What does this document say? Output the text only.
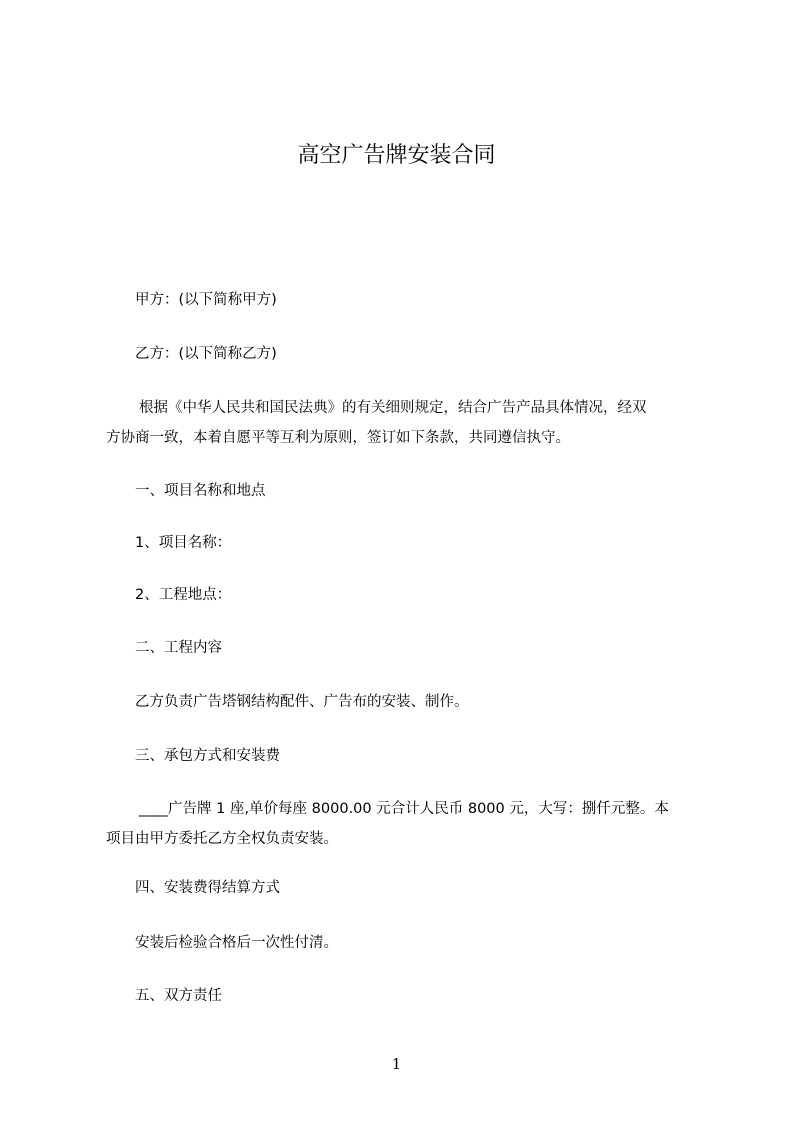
高空广告牌安装合同
甲方：(以下简称甲方)
乙方：(以下简称乙方)
根据《中华人民共和国民法典》的有关细则规定，结合广告产品具体情况，经双
方协商一致，本着自愿平等互利为原则，签订如下条款，共同遵信执守。
一、项目名称和地点
1、项目名称：
2、工程地点：
二、工程内容
乙方负责广告塔钢结构配件、广告布的安装、制作。
三、承包方式和安装费
____广告牌 1 座,单价每座 8000.00 元合计人民币 8000 元，大写：捌仟元整。本
项目由甲方委托乙方全权负责安装。
四、安装费得结算方式
安装后检验合格后一次性付清。
五、双方责任
1
